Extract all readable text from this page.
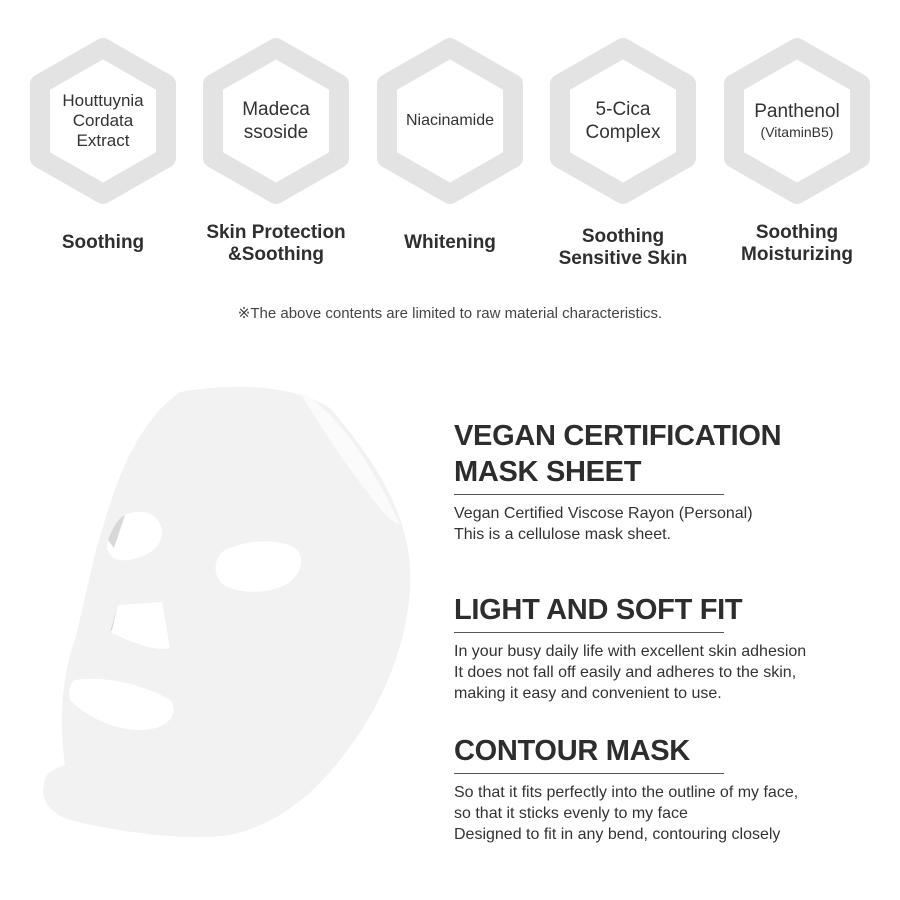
Houttuynia
Cordata
Extract
Soothing
Madeca
ssoside
Skin Protection
&Soothing
Niacinamide
Whitening
5-Cica
Complex
Soothing
Sensitive Skin
Panthenol
(VitaminB5)
Soothing
Moisturizing
※The above contents are limited to raw material characteristics.
VEGAN CERTIFICATION
MASK SHEET
Vegan Certified Viscose Rayon (Personal)
This is a cellulose mask sheet.
LIGHT AND SOFT FIT
In your busy daily life with excellent skin adhesion
It does not fall off easily and adheres to the skin,
making it easy and convenient to use.
CONTOUR MASK
So that it fits perfectly into the outline of my face,
so that it sticks evenly to my face
Designed to fit in any bend, contouring closely
